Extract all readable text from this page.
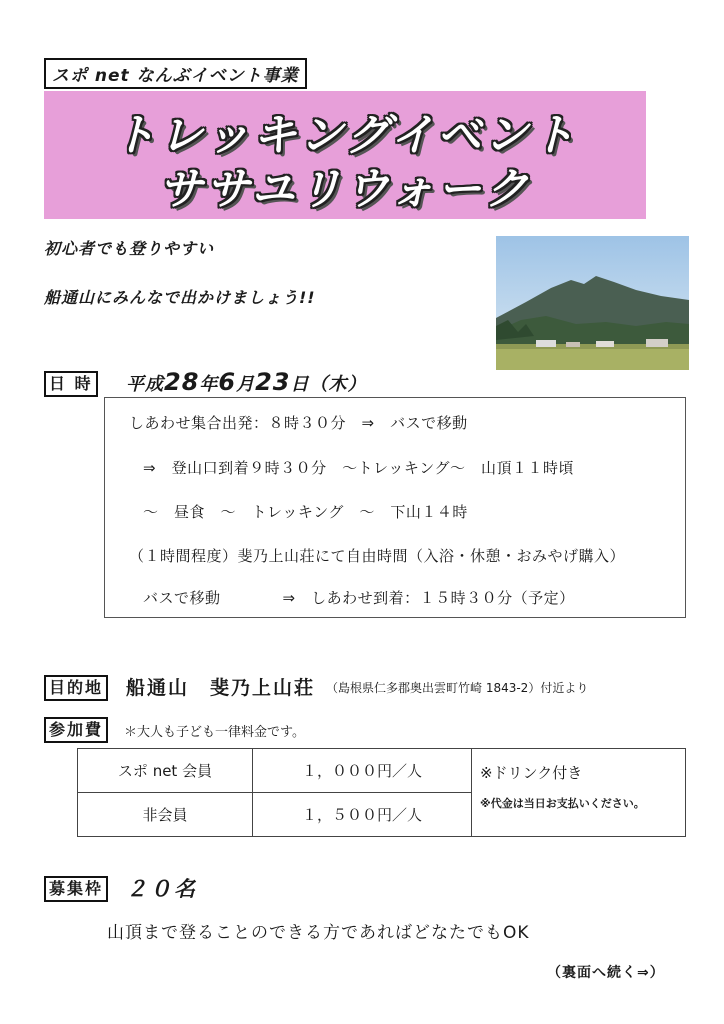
スポ net なんぶイベント事業
トレッキングイベント
ササユリウォーク
初心者でも登りやすい
船通山にみんなで出かけましょう!!
日 時 平成28年6月23日（木）
しあわせ集合出発：８時３０分　⇒　バスで移動
⇒　登山口到着９時３０分　～トレッキング～　山頂１１時頃
～　昼食　～　トレッキング　～　下山１４時
（１時間程度）斐乃上山荘にて自由時間（入浴・休憩・おみやげ購入）
バスで移動　　　　⇒　しあわせ到着：１５時３０分（予定）
目的地 船通山　斐乃上山荘 （島根県仁多郡奥出雲町竹崎 1843-2）付近より
参加費	＊大人も子ども一律料金です。
スポ net 会員	１，０００円／人	※ドリンク付き
※代金は当日お支払いください。

非会員	１，５００円／人	
募集枠 ２０名
山頂まで登ることのできる方であればどなたでもOK
（裏面へ続く⇒）
